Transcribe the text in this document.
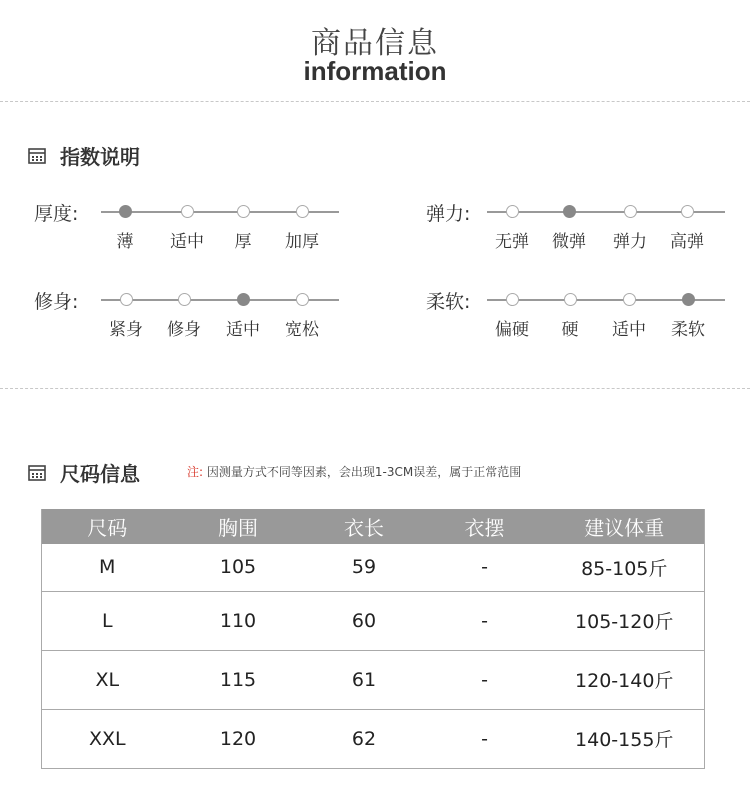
商品信息
information
指数说明
厚度:
薄	适中	厚	加厚
弹力:
无弹	微弹	弹力	高弹
修身:
紧身	修身	适中	宽松
柔软:
偏硬	硬	适中	柔软
尺码信息	注: 因测量方式不同等因素，会出现1-3CM误差，属于正常范围
尺码	胸围	衣长	衣摆	建议体重
M	105	59	-	85-105斤
L	110	60	-	105-120斤
XL	115	61	-	120-140斤
XXL	120	62	-	140-155斤
